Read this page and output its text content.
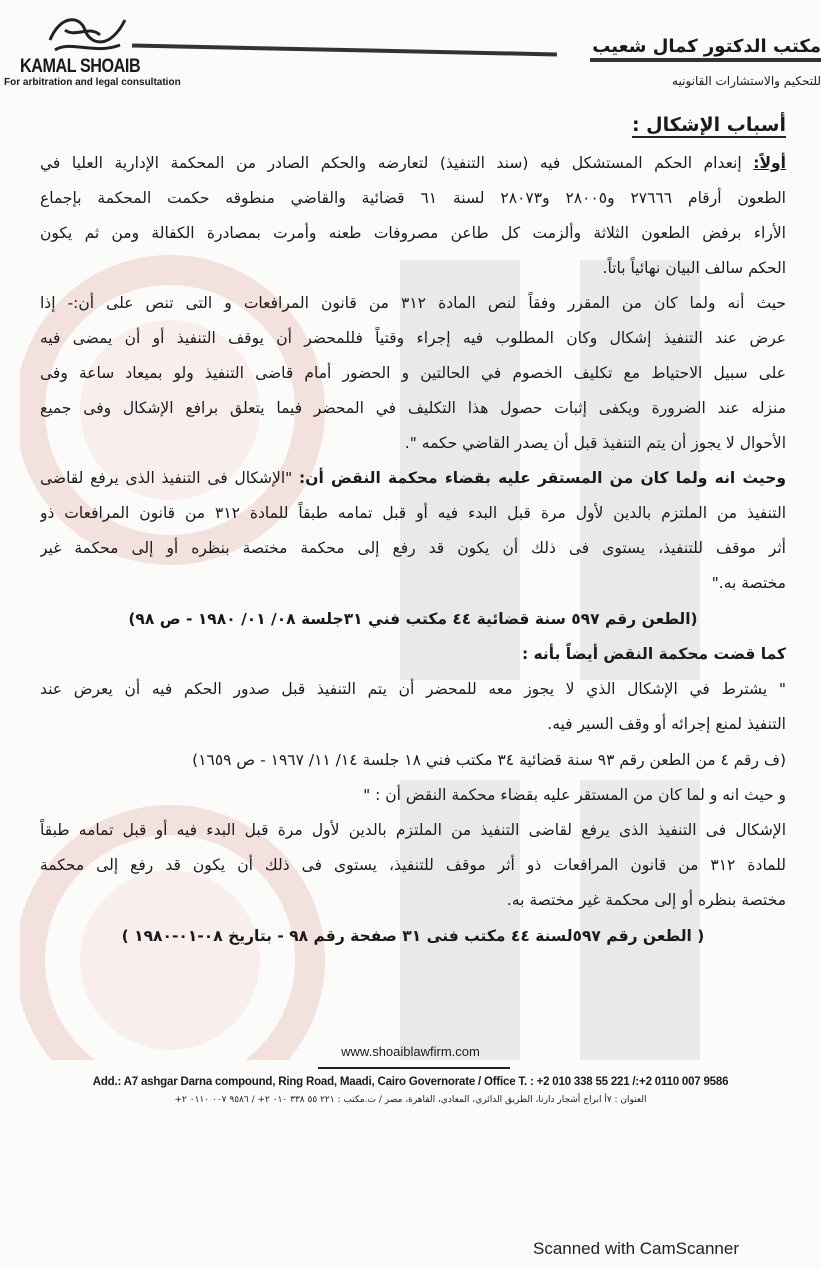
KAMAL SHOAIB
For arbitration and legal consultation
مكتب الدكتور كمال شعيب
للتحكيم والاستشارات القانونيه
أسباب الإشكال :
أولاً: إنعدام الحكم المستشكل فيه (سند التنفيذ) لتعارضه والحكم الصادر من المحكمة الإدارية العليا في
الطعون أرقام ٢٧٦٦٦ و٢٨٠٠٥ و٢٨٠٧٣ لسنة ٦١ قضائية والقاضي منطوقه حكمت المحكمة بإجماع
الأراء برفض الطعون الثلاثة وألزمت كل طاعن مصروفات طعنه وأمرت بمصادرة الكفالة ومن ثم يكون
الحكم سالف البيان نهائياً باتاً.
حيث أنه ولما كان من المقرر وفقاً لنص المادة ٣١٢ من قانون المرافعات و التى تنص على أن:- إذا
عرض عند التنفيذ إشكال وكان المطلوب فيه إجراء وقتياً فللمحضر أن يوقف التنفيذ أو أن يمضى فيه
على سبيل الاحتياط مع تكليف الخصوم في الحالتين و الحضور أمام قاضى التنفيذ ولو بميعاد ساعة وفى
منزله عند الضرورة ويكفى إثبات حصول هذا التكليف في المحضر فيما يتعلق برافع الإشكال وفى جميع
الأحوال لا يجوز أن يتم التنفيذ قبل أن يصدر القاضي حكمه ".
وحيث انه ولما كان من المستقر عليه بقضاء محكمة النقض أن: "الإشكال فى التنفيذ الذى يرفع لقاضى
التنفيذ من الملتزم بالدين لأول مرة قبل البدء فيه أو قبل تمامه طبقاً للمادة ٣١٢ من قانون المرافعات ذو
أثر موقف للتنفيذ، يستوى فى ذلك أن يكون قد رفع إلى محكمة مختصة بنظره أو إلى محكمة غير
مختصة به."
(الطعن رقم ٥٩٧ سنة قضائية ٤٤ مكتب فني ٣١جلسة ٠٨/ ٠١/ ١٩٨٠ - ص ٩٨)
كما قضت محكمة النقض أيضاً بأنه :
" يشترط في الإشكال الذي لا يجوز معه للمحضر أن يتم التنفيذ قبل صدور الحكم فيه أن يعرض عند
التنفيذ لمنع إجرائه أو وقف السير فيه.
(ف رقم ٤ من الطعن رقم ٩٣ سنة قضائية ٣٤ مكتب فني ١٨ جلسة ١٤/ ١١/ ١٩٦٧ - ص ١٦٥٩)
و حيث انه و لما كان من المستقر عليه بقضاء محكمة النقض أن : "
الإشكال فى التنفيذ الذى يرفع لقاضى التنفيذ من الملتزم بالدين لأول مرة قبل البدء فيه أو قبل تمامه طبقاً
للمادة ٣١٢ من قانون المرافعات ذو أثر موقف للتنفيذ، يستوى فى ذلك أن يكون قد رفع إلى محكمة
مختصة بنظره أو إلى محكمة غير مختصة به.
( الطعن رقم ٥٩٧لسنة ٤٤ مكتب فنى ٣١ صفحة رقم ٩٨ - بتاريخ ٠٨-٠١-١٩٨٠ )
www.shoaiblawfirm.com
Add.: A7 ashgar Darna compound, Ring Road, Maadi, Cairo Governorate / Office T. : +2 010 338 55 221 /:+2 0110 007 9586
العنوان : ٧أ ابراج أشجار دارنا، الطريق الدائري، المعادي، القاهرة، مصر / ت.مكتب : ٢٢١ ٥٥ ٣٣٨ ٠١٠ ٢+ / ٩٥٨٦ ٠٠٧ ٠١١٠ ٢+
Scanned with CamScanner
